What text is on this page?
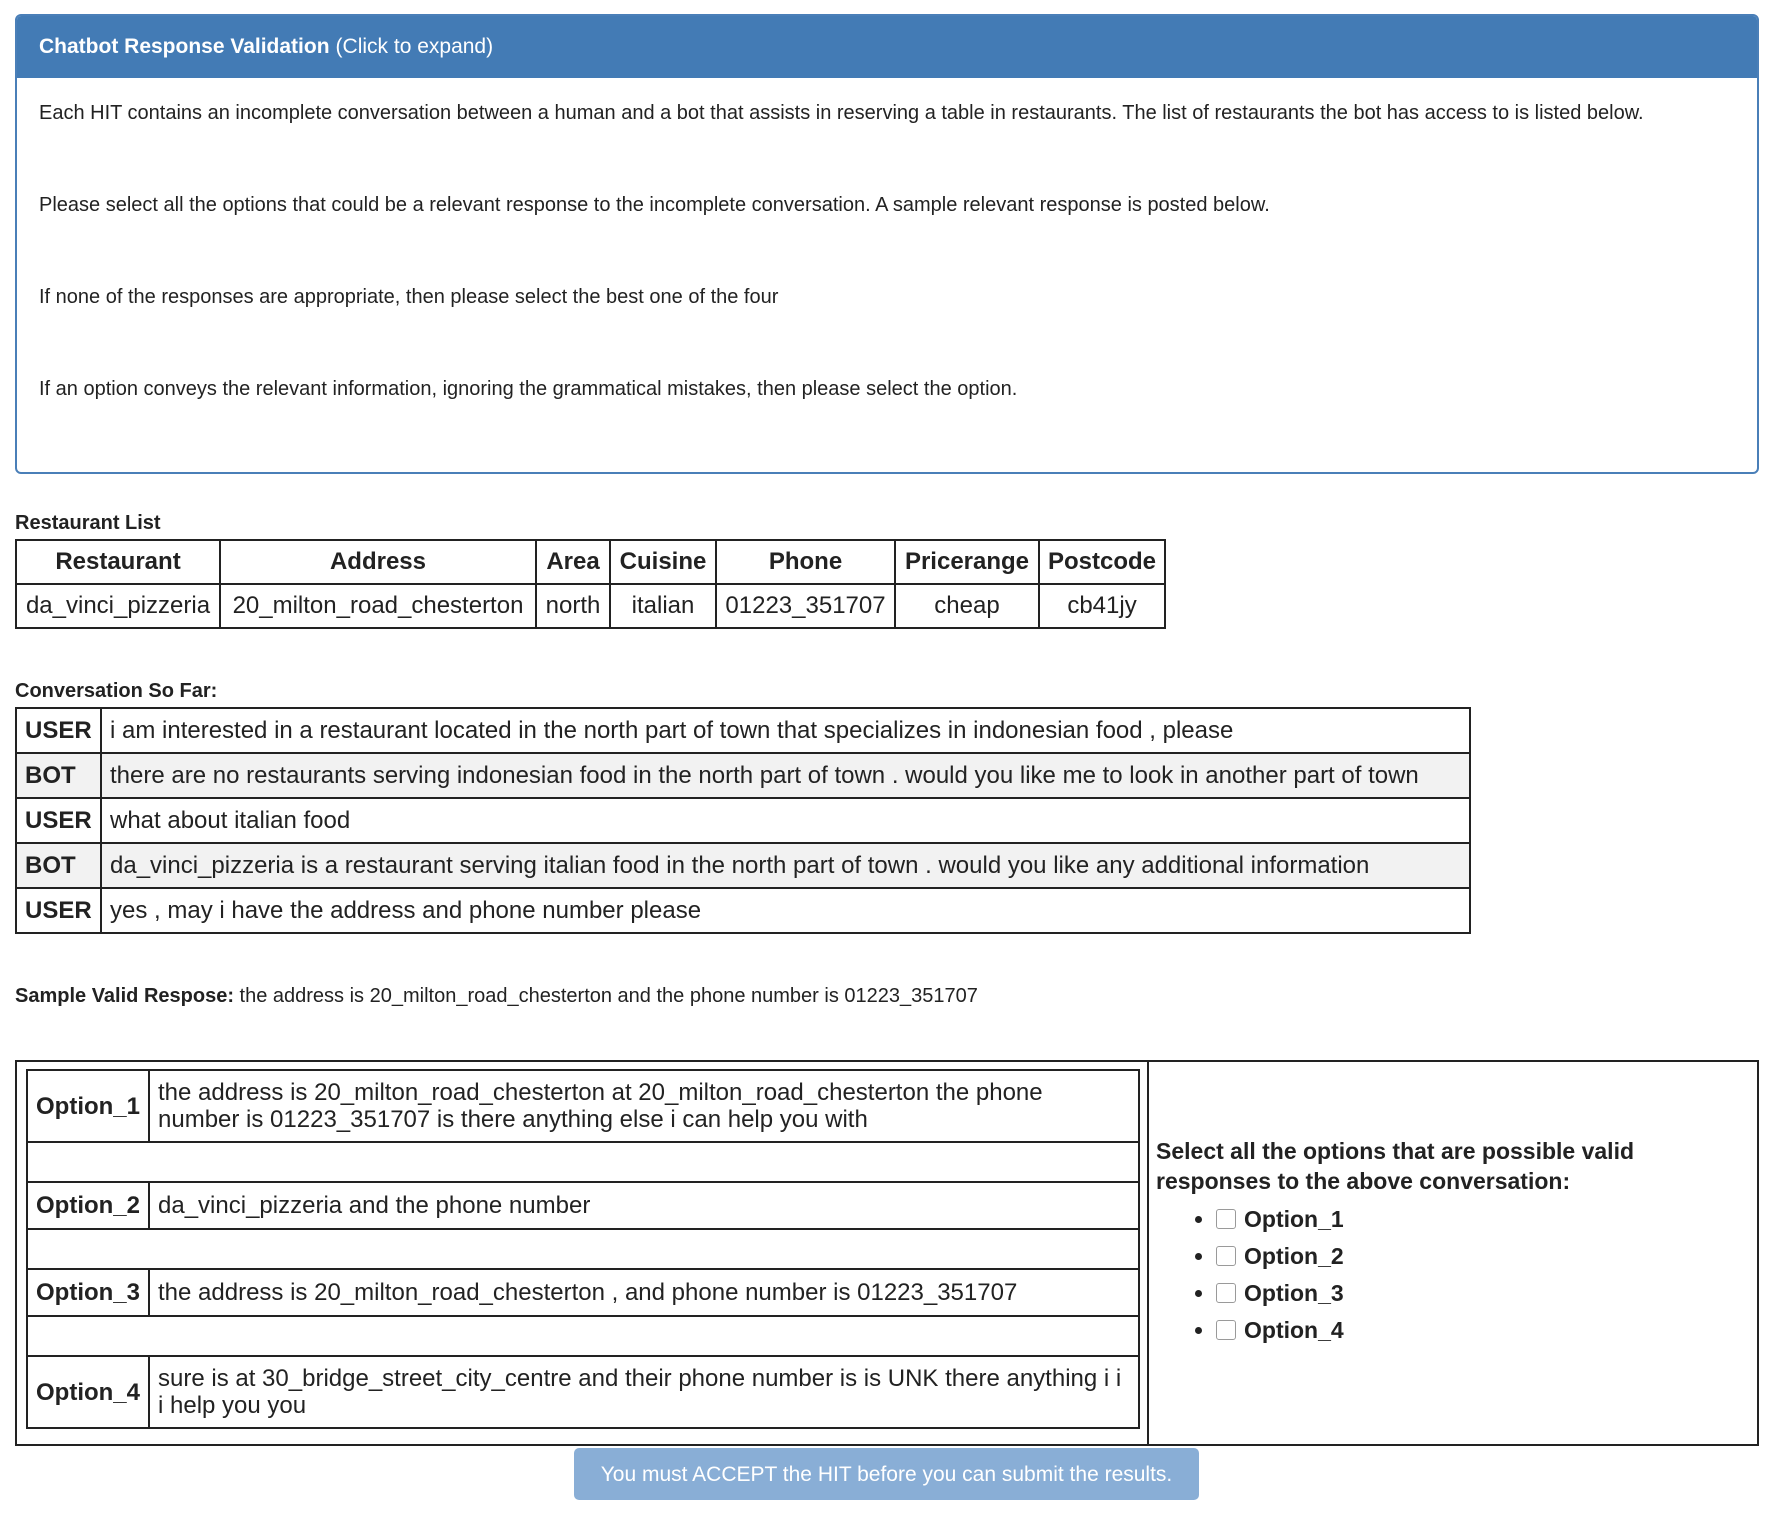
Chatbot Response Validation (Click to expand)

Each HIT contains an incomplete conversation between a human and a bot that assists in reserving a table in restaurants. The list of restaurants the bot has access to is listed below.

Please select all the options that could be a relevant response to the incomplete conversation. A sample relevant response is posted below.

If none of the responses are appropriate, then please select the best one of the four

If an option conveys the relevant information, ignoring the grammatical mistakes, then please select the option.

Restaurant List
Restaurant	Address	Area	Cuisine	Phone	Pricerange	Postcode
da_vinci_pizzeria	20_milton_road_chesterton	north	italian	01223_351707	cheap	cb41jy
Conversation So Far:
USER	i am interested in a restaurant located in the north part of town that specializes in indonesian food , please
BOT	there are no restaurants serving indonesian food in the north part of town . would you like me to look in another part of town
USER	what about italian food
BOT	da_vinci_pizzeria is a restaurant serving italian food in the north part of town . would you like any additional information
USER	yes , may i have the address and phone number please
Sample Valid Respose: the address is 20_milton_road_chesterton and the phone number is 01223_351707
Option_1	the address is 20_milton_road_chesterton at 20_milton_road_chesterton the phone number is 01223_351707 is there anything else i can help you with

Option_2	da_vinci_pizzeria and the phone number

Option_3	the address is 20_milton_road_chesterton , and phone number is 01223_351707

Option_4	sure is at 30_bridge_street_city_centre and their phone number is is UNK there anything i i i help you you
Select all the options that are possible valid responses to the above conversation:
• Option_1
• Option_2
• Option_3
• Option_4
You must ACCEPT the HIT before you can submit the results.
